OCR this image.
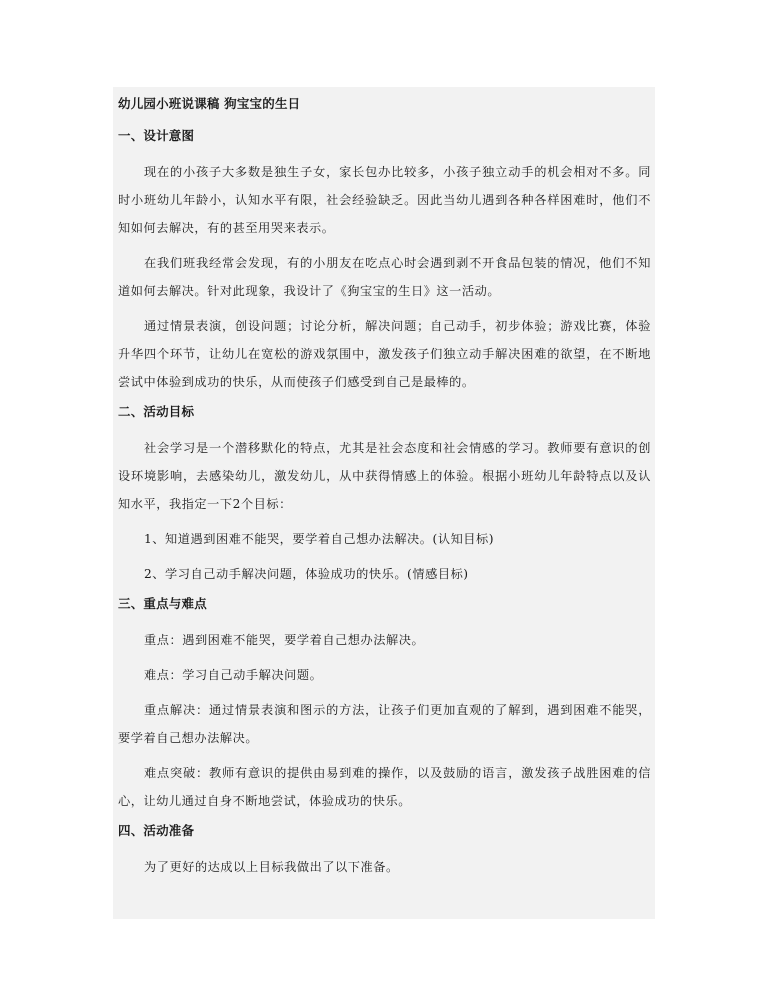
幼儿园小班说课稿 狗宝宝的生日
一、设计意图

现在的小孩子大多数是独生子女，家长包办比较多，小孩子独立动手的机会相对不多。同时小班幼儿年龄小，认知水平有限，社会经验缺乏。因此当幼儿遇到各种各样困难时，他们不知如何去解决，有的甚至用哭来表示。

在我们班我经常会发现，有的小朋友在吃点心时会遇到剥不开食品包装的情况，他们不知道如何去解决。针对此现象，我设计了《狗宝宝的生日》这一活动。

通过情景表演，创设问题；讨论分析，解决问题；自己动手，初步体验；游戏比赛，体验升华四个环节，让幼儿在宽松的游戏氛围中，激发孩子们独立动手解决困难的欲望，在不断地尝试中体验到成功的快乐，从而使孩子们感受到自己是最棒的。

二、活动目标

社会学习是一个潜移默化的特点，尤其是社会态度和社会情感的学习。教师要有意识的创设环境影响，去感染幼儿，激发幼儿，从中获得情感上的体验。根据小班幼儿年龄特点以及认知水平，我指定一下2个目标：

1、知道遇到困难不能哭，要学着自己想办法解决。(认知目标)

2、学习自己动手解决问题，体验成功的快乐。(情感目标)

三、重点与难点

重点：遇到困难不能哭，要学着自己想办法解决。

难点：学习自己动手解决问题。

重点解决：通过情景表演和图示的方法，让孩子们更加直观的了解到，遇到困难不能哭，要学着自己想办法解决。

难点突破：教师有意识的提供由易到难的操作，以及鼓励的语言，激发孩子战胜困难的信心，让幼儿通过自身不断地尝试，体验成功的快乐。

四、活动准备

为了更好的达成以上目标我做出了以下准备。
